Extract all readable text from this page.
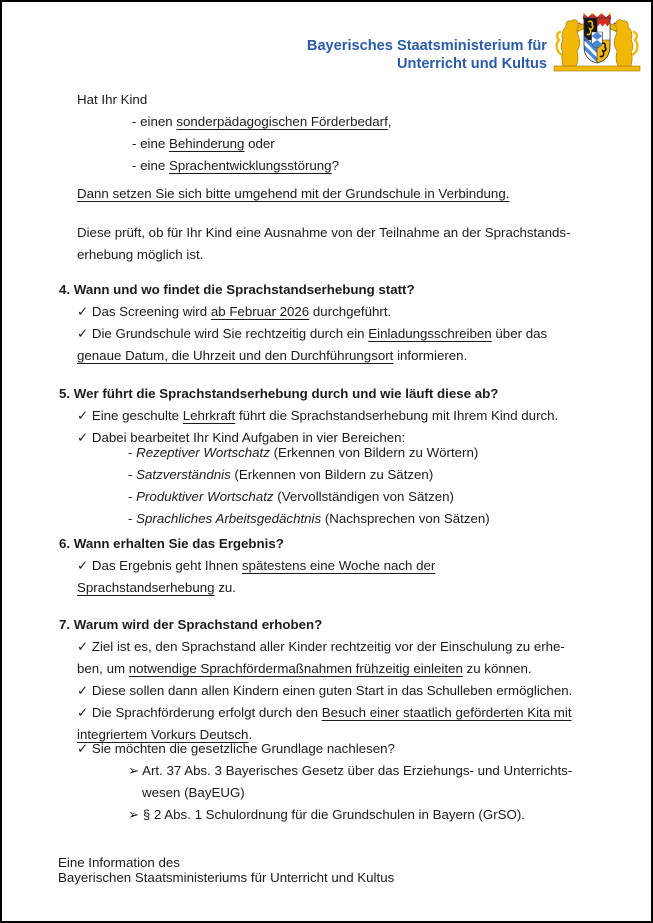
Bayerisches Staatsministerium für
Unterricht und Kultus
Hat Ihr Kind
- einen sonderpädagogischen Förderbedarf,
- eine Behinderung oder
- eine Sprachentwicklungsstörung?
Dann setzen Sie sich bitte umgehend mit der Grundschule in Verbindung.
Diese prüft, ob für Ihr Kind eine Ausnahme von der Teilnahme an der Sprachstands-
erhebung möglich ist.
4. Wann und wo findet die Sprachstandserhebung statt?
✓ Das Screening wird ab Februar 2026 durchgeführt.
✓ Die Grundschule wird Sie rechtzeitig durch ein Einladungsschreiben über das
genaue Datum, die Uhrzeit und den Durchführungsort informieren.
5. Wer führt die Sprachstandserhebung durch und wie läuft diese ab?
✓ Eine geschulte Lehrkraft führt die Sprachstandserhebung mit Ihrem Kind durch.
✓ Dabei bearbeitet Ihr Kind Aufgaben in vier Bereichen:
- Rezeptiver Wortschatz (Erkennen von Bildern zu Wörtern)
- Satzverständnis (Erkennen von Bildern zu Sätzen)
- Produktiver Wortschatz (Vervollständigen von Sätzen)
- Sprachliches Arbeitsgedächtnis (Nachsprechen von Sätzen)
6. Wann erhalten Sie das Ergebnis?
✓ Das Ergebnis geht Ihnen spätestens eine Woche nach der
Sprachstandserhebung zu.
7. Warum wird der Sprachstand erhoben?
✓ Ziel ist es, den Sprachstand aller Kinder rechtzeitig vor der Einschulung zu erhe-
ben, um notwendige Sprachfördermaßnahmen frühzeitig einleiten zu können.
✓ Diese sollen dann allen Kindern einen guten Start in das Schulleben ermöglichen.
✓ Die Sprachförderung erfolgt durch den Besuch einer staatlich geförderten Kita mit
integriertem Vorkurs Deutsch.
✓ Sie möchten die gesetzliche Grundlage nachlesen?
➢ Art. 37 Abs. 3 Bayerisches Gesetz über das Erziehungs- und Unterrichts-
wesen (BayEUG)
➢ § 2 Abs. 1 Schulordnung für die Grundschulen in Bayern (GrSO).
Eine Information des
Bayerischen Staatsministeriums für Unterricht und Kultus
